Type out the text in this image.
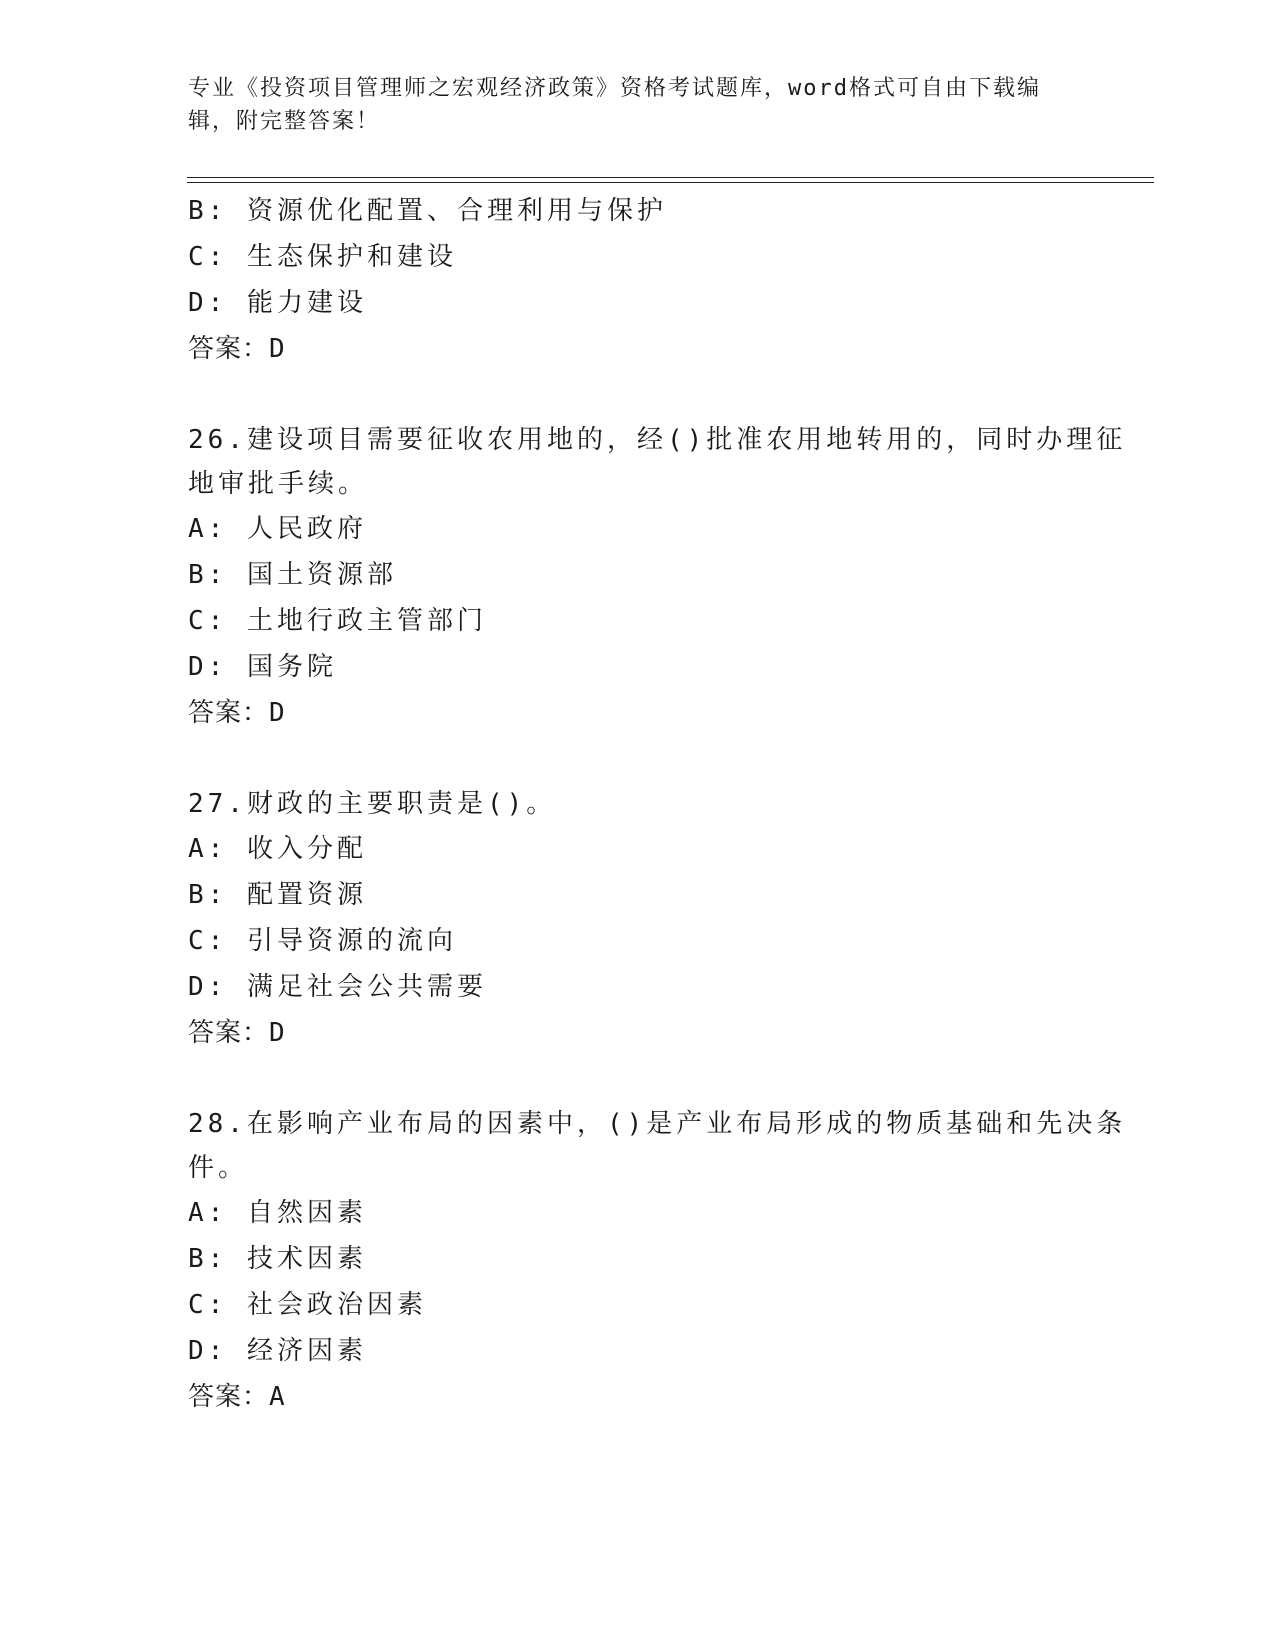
专业《投资项目管理师之宏观经济政策》资格考试题库，word格式可自由下载编
辑，附完整答案！
B: 资源优化配置、合理利用与保护
C: 生态保护和建设
D: 能力建设
答案：D
26.建设项目需要征收农用地的，经()批准农用地转用的，同时办理征
地审批手续。
A: 人民政府
B: 国土资源部
C: 土地行政主管部门
D: 国务院
答案：D
27.财政的主要职责是()。
A: 收入分配
B: 配置资源
C: 引导资源的流向
D: 满足社会公共需要
答案：D
28.在影响产业布局的因素中，()是产业布局形成的物质基础和先决条
件。
A: 自然因素
B: 技术因素
C: 社会政治因素
D: 经济因素
答案：A
